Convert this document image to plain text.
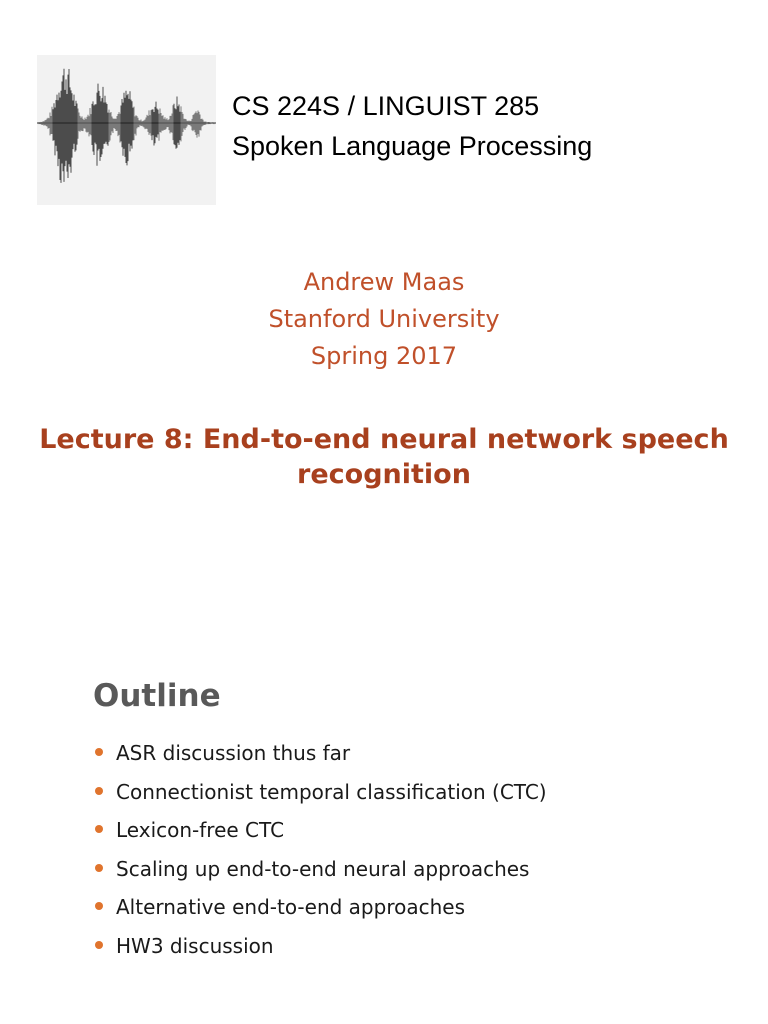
CS 224S / LINGUIST 285
Spoken Language Processing
Andrew Maas
Stanford University
Spring 2017
Lecture 8: End-to-end neural network speech recognition
Outline
ASR discussion thus far
Connectionist temporal classification (CTC)
Lexicon-free CTC
Scaling up end-to-end neural approaches
Alternative end-to-end approaches
HW3 discussion
